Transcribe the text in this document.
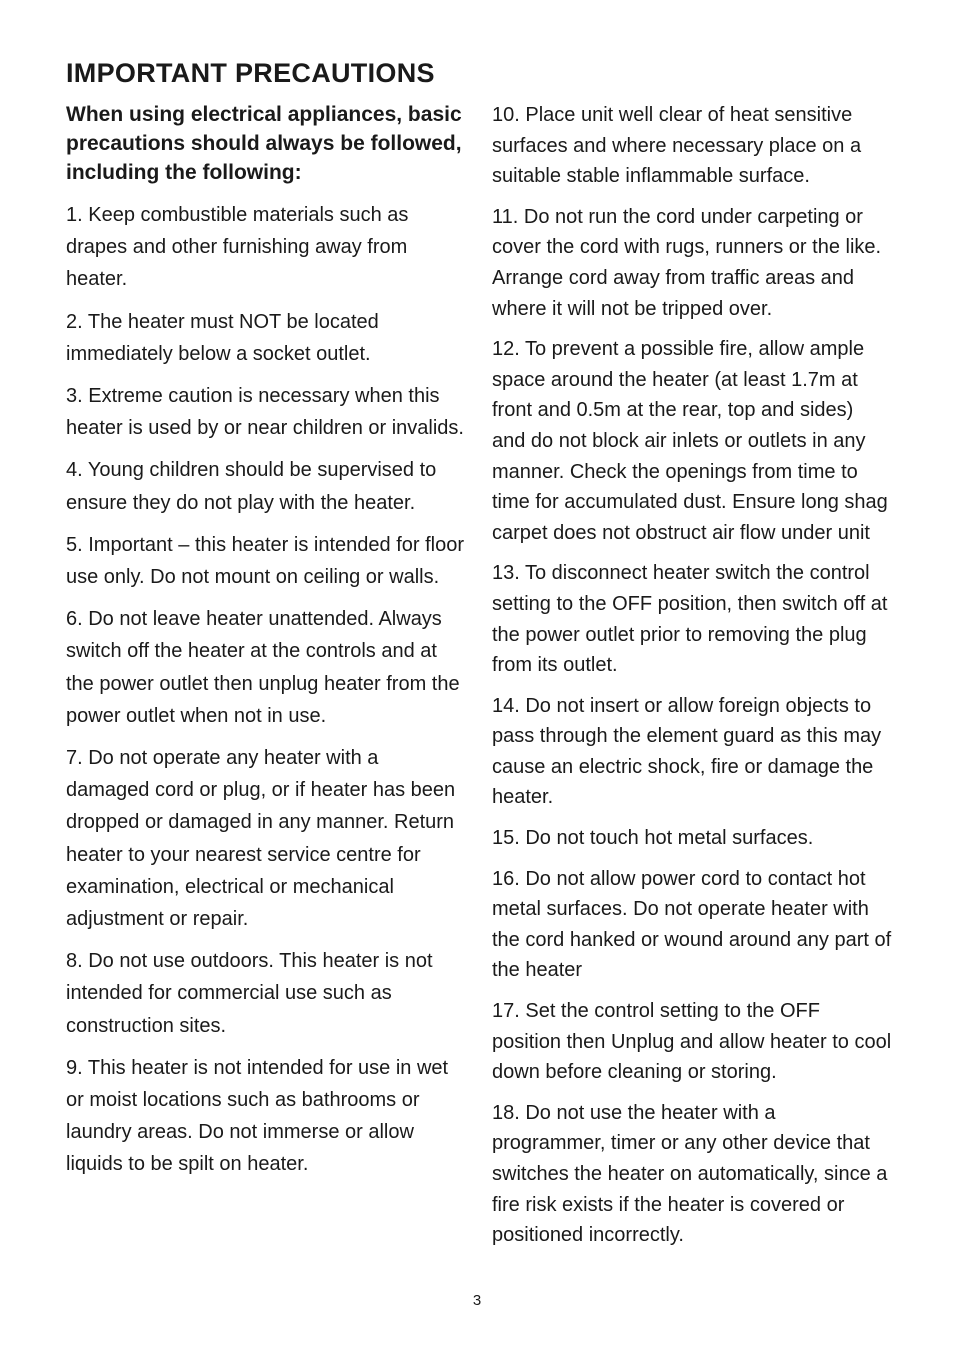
IMPORTANT PRECAUTIONS

When using electrical appliances, basic precautions should always be followed, including the following:

1. Keep combustible materials such as drapes and other furnishing away from heater.

2. The heater must NOT be located immediately below a socket outlet.

3. Extreme caution is necessary when this heater is used by or near children or invalids.

4. Young children should be supervised to ensure they do not play with the heater.

5. Important – this heater is intended for floor use only. Do not mount on ceiling or walls.

6. Do not leave heater unattended. Always switch off the heater at the controls and at the power outlet then unplug heater from the power outlet when not in use.

7. Do not operate any heater with a damaged cord or plug, or if heater has been dropped or damaged in any manner. Return heater to your nearest service centre for examination, electrical or mechanical adjustment or repair.

8. Do not use outdoors. This heater is not intended for commercial use such as construction sites.

9. This heater is not intended for use in wet or moist locations such as bathrooms or laundry areas. Do not immerse or allow liquids to be spilt on heater.

10. Place unit well clear of heat sensitive surfaces and where necessary place on a suitable stable inflammable surface.

11. Do not run the cord under carpeting or cover the cord with rugs, runners or the like. Arrange cord away from traffic areas and where it will not be tripped over.

12. To prevent a possible fire, allow ample space around the heater (at least 1.7m at front and 0.5m at the rear, top and sides) and do not block air inlets or outlets in any manner. Check the openings from time to time for accumulated dust. Ensure long shag carpet does not obstruct air flow under unit

13. To disconnect heater switch the control setting to the OFF position, then switch off at the power outlet prior to removing the plug from its outlet.

14. Do not insert or allow foreign objects to pass through the element guard as this may cause an electric shock, fire or damage the heater.

15. Do not touch hot metal surfaces.

16. Do not allow power cord to contact hot metal surfaces. Do not operate heater with the cord hanked or wound around any part of the heater

17. Set the control setting to the OFF position then Unplug and allow heater to cool down before cleaning or storing.

18. Do not use the heater with a programmer, timer or any other device that switches the heater on automatically, since a fire risk exists if the heater is covered or positioned incorrectly.

3
